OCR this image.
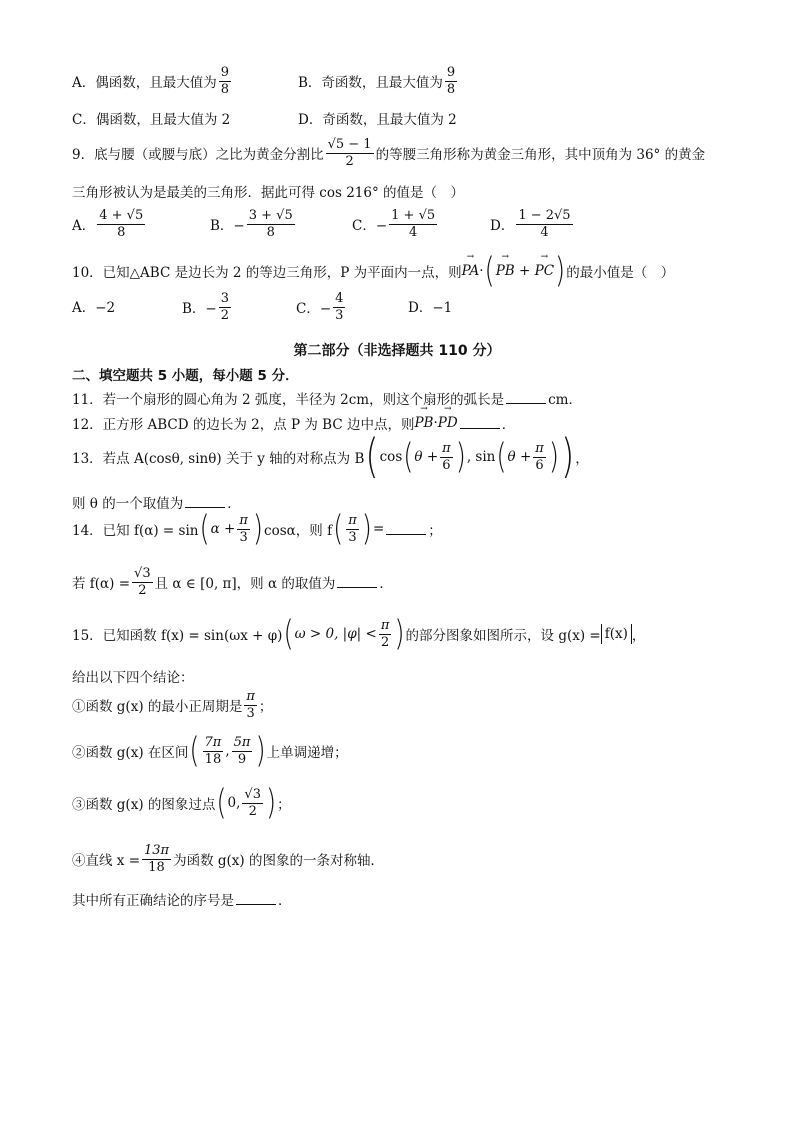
A．偶函数，且最大值为 $\frac{9}{8}$	B．奇函数，且最大值为 $\frac{9}{8}$
C．偶函数，且最大值为 2	D．奇函数，且最大值为 2
9．底与腰（或腰与底）之比为黄金分割比 $\frac{√5 - 1}{2}$ 的等腰三角形称为黄金三角形，其中顶角为 36° 的黄金
三角形被认为是最美的三角形．据此可得 cos 216° 的值是（　）
A． $\frac{4 + √5}{8}$	B．− $\frac{3 + √5}{8}$	C．− $\frac{1 + √5}{4}$	D． $\frac{1 - 2√5}{4}$
10．已知△ABC 是边长为 2 的等边三角形，P 为平面内一点，则 → PA · ( → PB + → PC ) 的最小值是（　）
A．−2	B．− $\frac{3}{2}$	C．− $\frac{4}{3}$	D．−1
第二部分（非选择题共 110 分）
二、填空题共 5 小题，每小题 5 分．
11．若一个扇形的圆心角为 2 弧度，半径为 2cm，则这个扇形的弧长是	cm．
12．正方形 ABCD 的边长为 2，点 P 为 BC 边中点，则 → PB · → PD	．
13．若点 A(cosθ, sinθ) 关于 y 轴的对称点为 B ( cos ( $\theta + \frac{\pi}{6}$ ) , sin ( $\theta + \frac{\pi}{6}$ ) ) ，
则 θ 的一个取值为	．
14．已知 f(α) = sin ( $\alpha + \frac{\pi}{3}$ ) cosα，则 f ( $\frac{\pi}{3}$ ) =	；
若 $f(\alpha) = \frac{√3}{2}$ 且 α ∈ [0, π]，则 α 的取值为	．
15．已知函数 f(x) = sin(ωx + φ) ( ω > 0, $|\varphi| < \frac{\pi}{2}$ ) 的部分图象如图所示，设 g(x) = f(x) ，
给出以下四个结论：
①函数 g(x) 的最小正周期是 $\frac{\pi}{3}$ ；
②函数 g(x) 在区间 ( $\frac{7\pi}{18}$ , $\frac{5\pi}{9}$ ) 上单调递增；
③函数 g(x) 的图象过点 ( 0, $\frac{√3}{2}$ ) ；
④直线 $x = \frac{13\pi}{18}$ 为函数 g(x) 的图象的一条对称轴．
其中所有正确结论的序号是	．
